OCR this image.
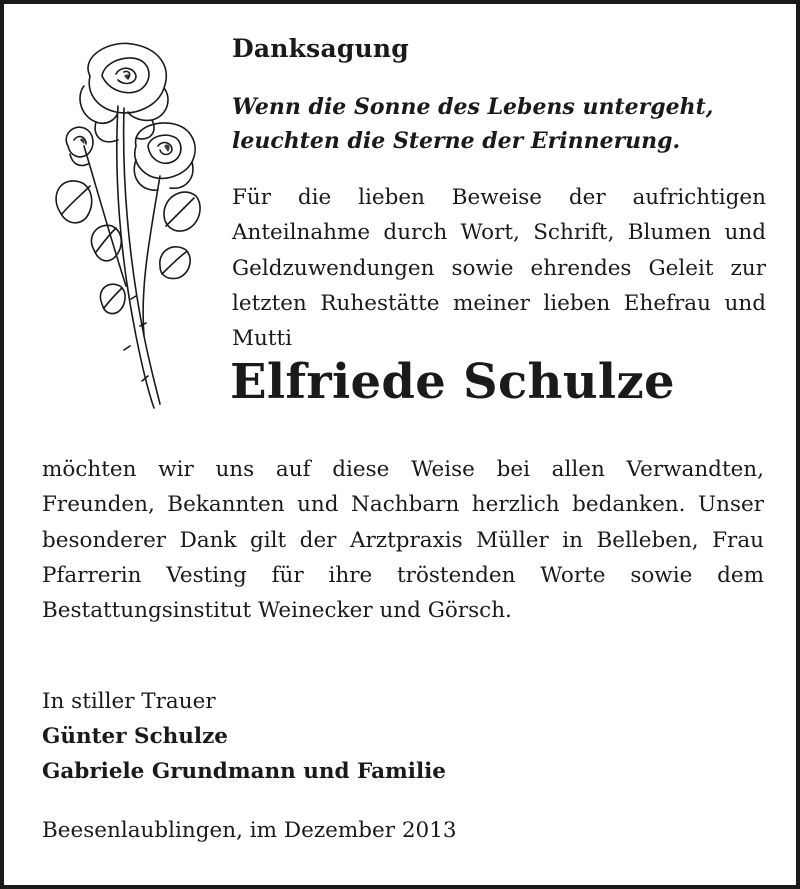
Danksagung

Wenn die Sonne des Lebens untergeht,
leuchten die Sterne der Erinnerung.

Für die lieben Beweise der aufrichtigen Anteilnahme durch Wort, Schrift, Blumen und Geldzuwendungen sowie ehrendes Geleit zur letzten Ruhestätte meiner lieben Ehefrau und Mutti

Elfriede Schulze

möchten wir uns auf diese Weise bei allen Verwandten, Freunden, Bekannten und Nachbarn herzlich bedanken. Unser besonderer Dank gilt der Arztpraxis Müller in Belleben, Frau Pfarrerin Vesting für ihre tröstenden Worte sowie dem Bestattungsinstitut Weinecker und Görsch.

In stiller Trauer
Günter Schulze
Gabriele Grundmann und Familie

Beesenlaublingen, im Dezember 2013
